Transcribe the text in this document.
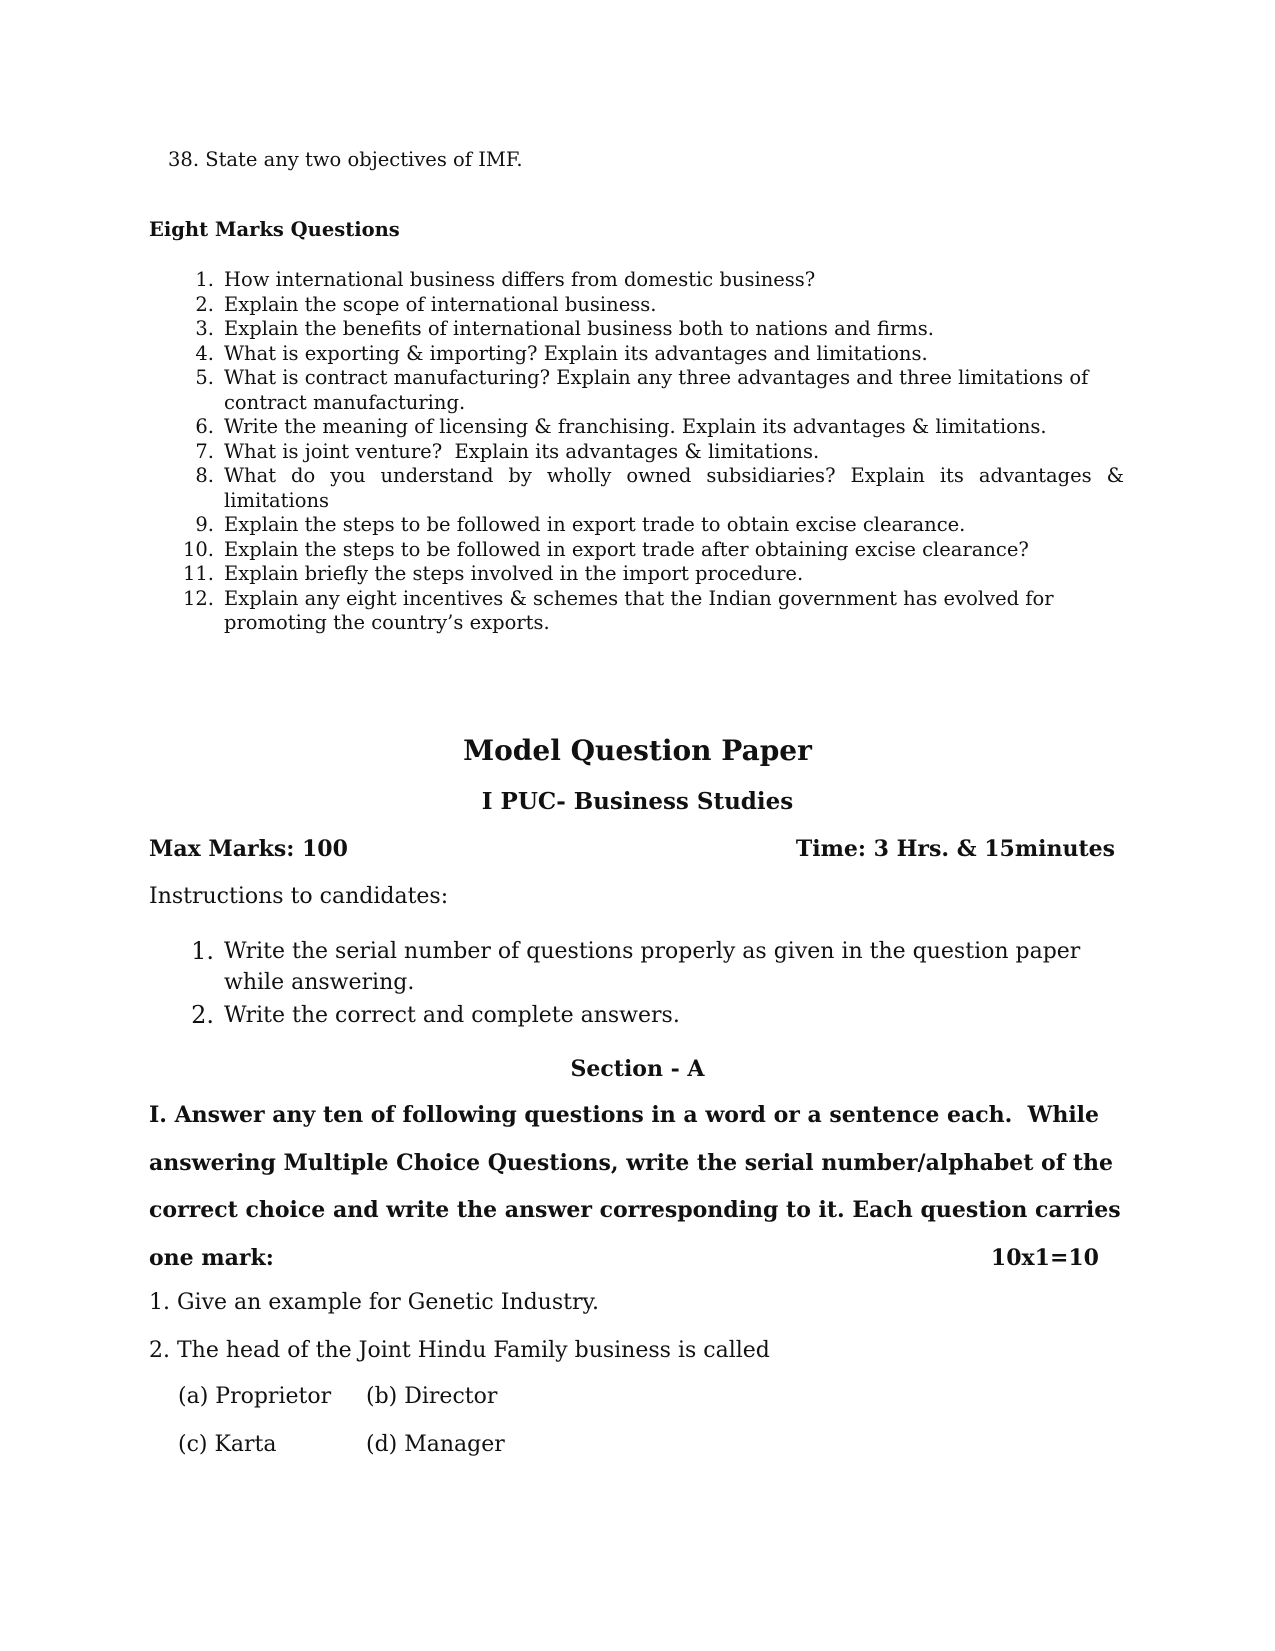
38. State any two objectives of IMF.
Eight Marks Questions
1. How international business differs from domestic business?
2. Explain the scope of international business.
3. Explain the benefits of international business both to nations and firms.
4. What is exporting & importing? Explain its advantages and limitations.
5. What is contract manufacturing? Explain any three advantages and three limitations of
contract manufacturing.
6. Write the meaning of licensing & franchising. Explain its advantages & limitations.
7. What is joint venture?  Explain its advantages & limitations.
8. What do you understand by wholly owned subsidiaries? Explain its advantages &
limitations
9. Explain the steps to be followed in export trade to obtain excise clearance.
10. Explain the steps to be followed in export trade after obtaining excise clearance?
11. Explain briefly the steps involved in the import procedure.
12. Explain any eight incentives & schemes that the Indian government has evolved for
promoting the country’s exports.
Model Question Paper
I PUC- Business Studies
Max Marks: 100	Time: 3 Hrs. & 15minutes
Instructions to candidates:
1. Write the serial number of questions properly as given in the question paper
while answering.
2. Write the correct and complete answers.
Section - A
I. Answer any ten of following questions in a word or a sentence each.  While
answering Multiple Choice Questions, write the serial number/alphabet of the
correct choice and write the answer corresponding to it. Each question carries
one mark:	10x1=10
1. Give an example for Genetic Industry.
2. The head of the Joint Hindu Family business is called
(a) Proprietor (b) Director
(c) Karta	(d) Manager
